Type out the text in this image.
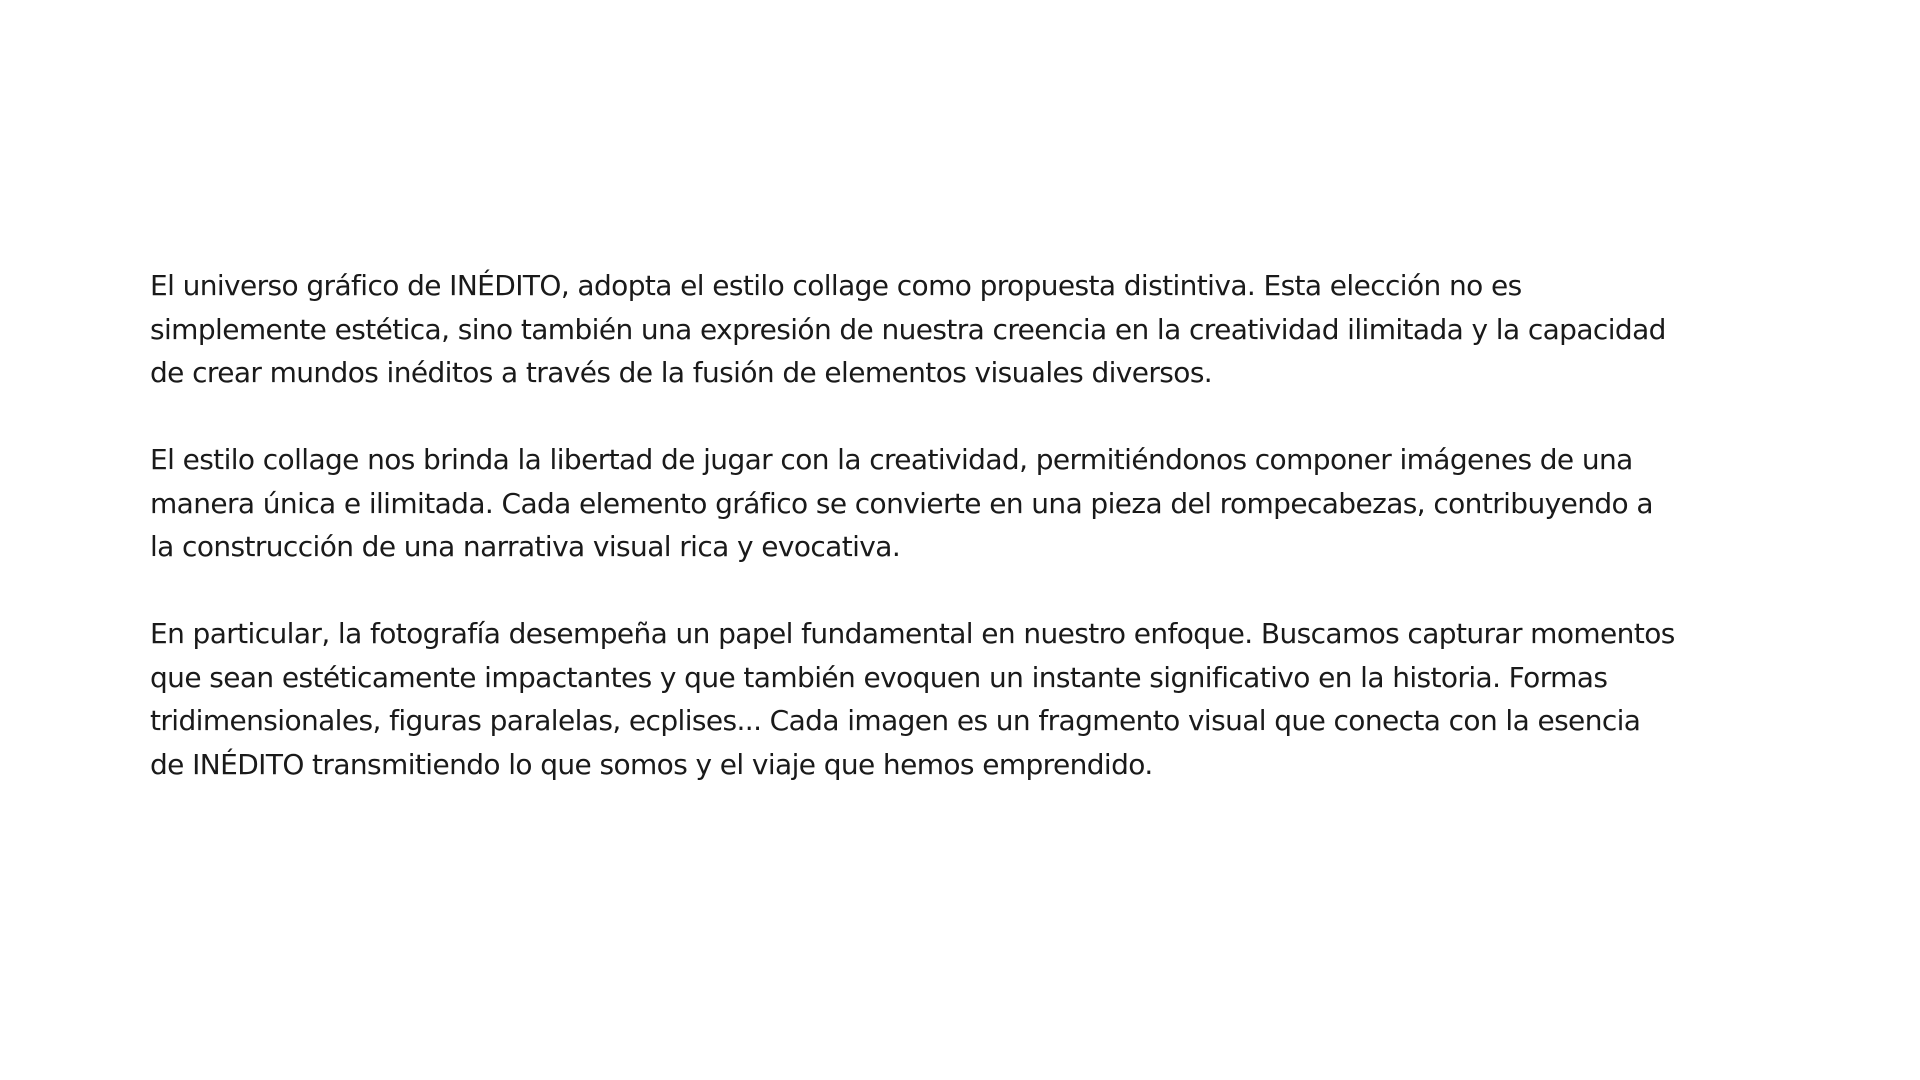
El universo gráfico de INÉDITO, adopta el estilo collage como propuesta distintiva. Esta elección no es
simplemente estética, sino también una expresión de nuestra creencia en la creatividad ilimitada y la capacidad
de crear mundos inéditos a través de la fusión de elementos visuales diversos.

El estilo collage nos brinda la libertad de jugar con la creatividad, permitiéndonos componer imágenes de una
manera única e ilimitada. Cada elemento gráfico se convierte en una pieza del rompecabezas, contribuyendo a
la construcción de una narrativa visual rica y evocativa.

En particular, la fotografía desempeña un papel fundamental en nuestro enfoque. Buscamos capturar momentos
que sean estéticamente impactantes y que también evoquen un instante significativo en la historia. Formas
tridimensionales, figuras paralelas, ecplises... Cada imagen es un fragmento visual que conecta con la esencia
de INÉDITO transmitiendo lo que somos y el viaje que hemos emprendido.
